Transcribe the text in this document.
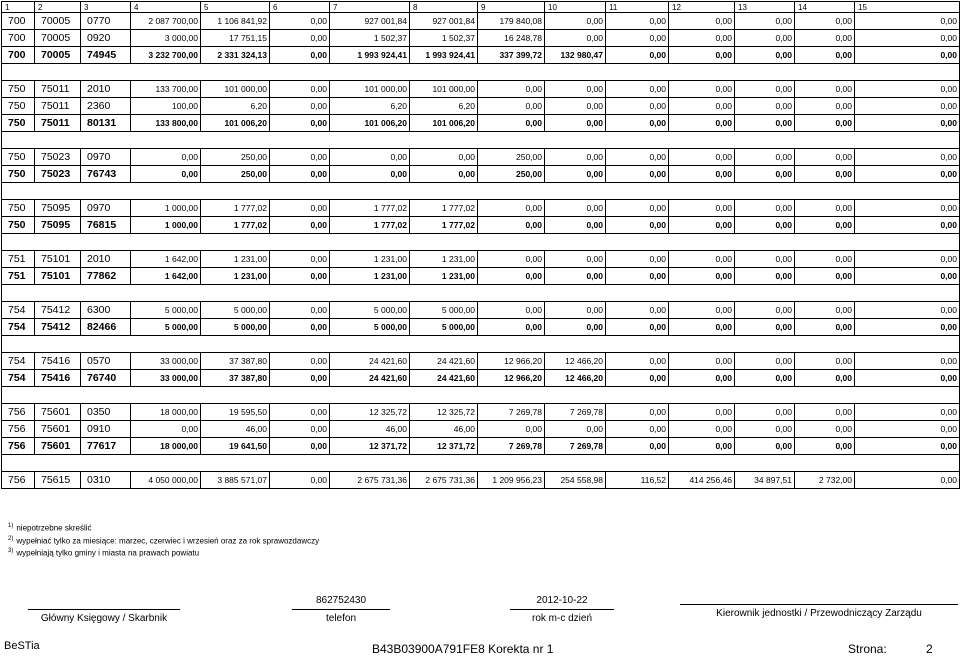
1	2	3	4	5	6	7	8	9	10	11	12	13	14	15
700	70005	0770	2 087 700,00	1 106 841,92	0,00	927 001,84	927 001,84	179 840,08	0,00	0,00	0,00	0,00	0,00	0,00
700	70005	0920	3 000,00	17 751,15	0,00	1 502,37	1 502,37	16 248,78	0,00	0,00	0,00	0,00	0,00	0,00
700	70005	74945	3 232 700,00	2 331 324,13	0,00	1 993 924,41	1 993 924,41	337 399,72	132 980,47	0,00	0,00	0,00	0,00	0,00

750	75011	2010	133 700,00	101 000,00	0,00	101 000,00	101 000,00	0,00	0,00	0,00	0,00	0,00	0,00	0,00
750	75011	2360	100,00	6,20	0,00	6,20	6,20	0,00	0,00	0,00	0,00	0,00	0,00	0,00
750	75011	80131	133 800,00	101 006,20	0,00	101 006,20	101 006,20	0,00	0,00	0,00	0,00	0,00	0,00	0,00

750	75023	0970	0,00	250,00	0,00	0,00	0,00	250,00	0,00	0,00	0,00	0,00	0,00	0,00
750	75023	76743	0,00	250,00	0,00	0,00	0,00	250,00	0,00	0,00	0,00	0,00	0,00	0,00

750	75095	0970	1 000,00	1 777,02	0,00	1 777,02	1 777,02	0,00	0,00	0,00	0,00	0,00	0,00	0,00
750	75095	76815	1 000,00	1 777,02	0,00	1 777,02	1 777,02	0,00	0,00	0,00	0,00	0,00	0,00	0,00

751	75101	2010	1 642,00	1 231,00	0,00	1 231,00	1 231,00	0,00	0,00	0,00	0,00	0,00	0,00	0,00
751	75101	77862	1 642,00	1 231,00	0,00	1 231,00	1 231,00	0,00	0,00	0,00	0,00	0,00	0,00	0,00

754	75412	6300	5 000,00	5 000,00	0,00	5 000,00	5 000,00	0,00	0,00	0,00	0,00	0,00	0,00	0,00
754	75412	82466	5 000,00	5 000,00	0,00	5 000,00	5 000,00	0,00	0,00	0,00	0,00	0,00	0,00	0,00

754	75416	0570	33 000,00	37 387,80	0,00	24 421,60	24 421,60	12 966,20	12 466,20	0,00	0,00	0,00	0,00	0,00
754	75416	76740	33 000,00	37 387,80	0,00	24 421,60	24 421,60	12 966,20	12 466,20	0,00	0,00	0,00	0,00	0,00

756	75601	0350	18 000,00	19 595,50	0,00	12 325,72	12 325,72	7 269,78	7 269,78	0,00	0,00	0,00	0,00	0,00
756	75601	0910	0,00	46,00	0,00	46,00	46,00	0,00	0,00	0,00	0,00	0,00	0,00	0,00
756	75601	77617	18 000,00	19 641,50	0,00	12 371,72	12 371,72	7 269,78	7 269,78	0,00	0,00	0,00	0,00	0,00

756	75615	0310	4 050 000,00	3 885 571,07	0,00	2 675 731,36	2 675 731,36	1 209 956,23	254 558,98	116,52	414 256,46	34 897,51	2 732,00	0,00
$^{1)}$ niepotrzebne skreślić
$^{2)}$ wypełniać tylko za miesiące: marzec, czerwiec i wrzesień oraz za rok sprawozdawczy
$^{3)}$ wypełniają tylko gminy i miasta na prawach powiatu
Główny Księgowy / Skarbnik
862752430
telefon
2012-10-22
rok m-c dzień	Kierownik jednostki / Przewodniczący Zarządu
BeSTia	B43B03900A791FE8 Korekta nr 1	Strona:	2
